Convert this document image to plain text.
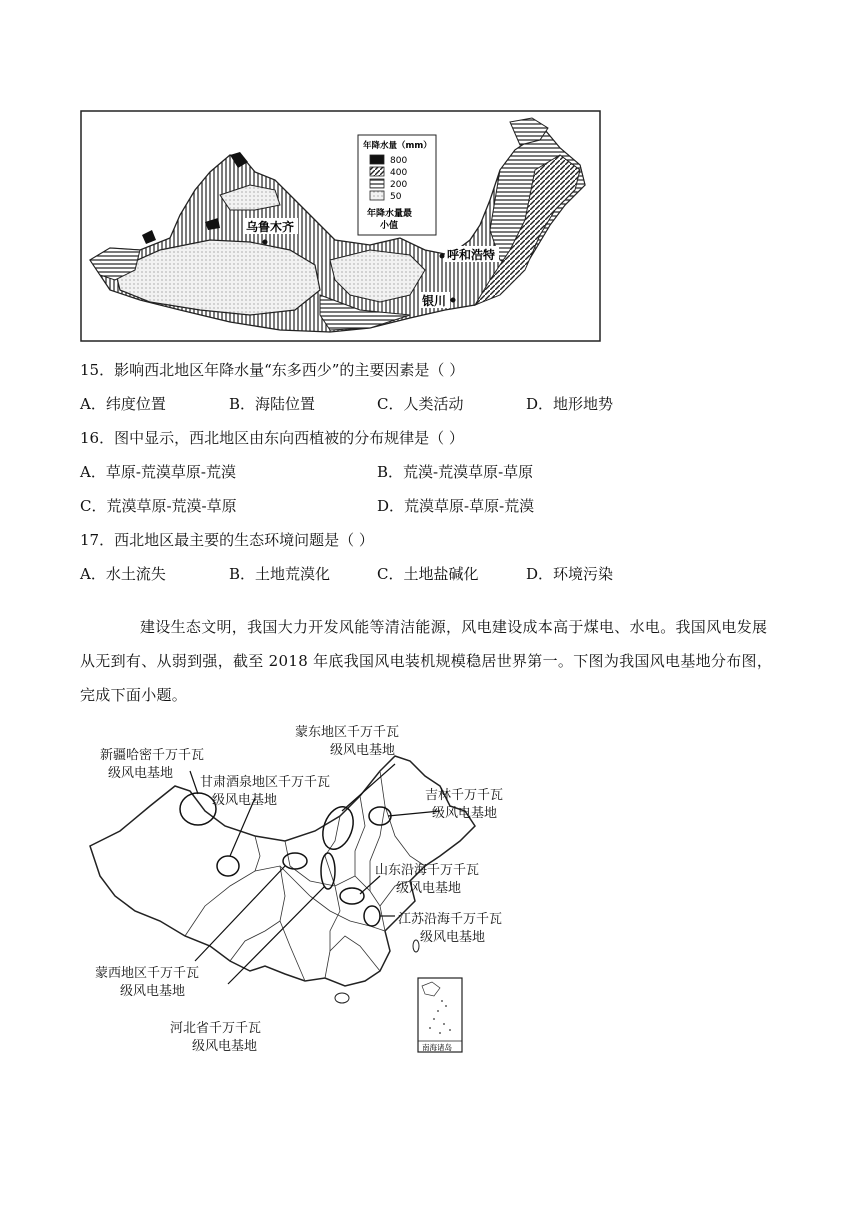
年降水量（mm）
800
400
200
50
年降水量最
小值
乌鲁木齐
呼和浩特
银川
15．影响西北地区年降水量“东多西少”的主要因素是（ ）
A．纬度位置	B．海陆位置	C．人类活动	D．地形地势
16．图中显示，西北地区由东向西植被的分布规律是（ ）
A．草原-荒漠草原-荒漠	B．荒漠-荒漠草原-草原
C．荒漠草原-荒漠-草原	D．荒漠草原-草原-荒漠
17．西北地区最主要的生态环境问题是（ ）
A．水土流失	B．土地荒漠化	C．土地盐碱化	D．环境污染
建设生态文明，我国大力开发风能等清洁能源，风电建设成本高于煤电、水电。我国风电发展从无到有、从弱到强，截至 2018 年底我国风电装机规模稳居世界第一。下图为我国风电基地分布图，完成下面小题。
蒙东地区千万千瓦
级风电基地
新疆哈密千万千瓦
级风电基地
甘肃酒泉地区千万千瓦
级风电基地	吉林千万千瓦
级风电基地
山东沿海千万千瓦
级风电基地
江苏沿海千万千瓦
级风电基地
蒙西地区千万千瓦
级风电基地
河北省千万千瓦
级风电基地	南海诸岛
